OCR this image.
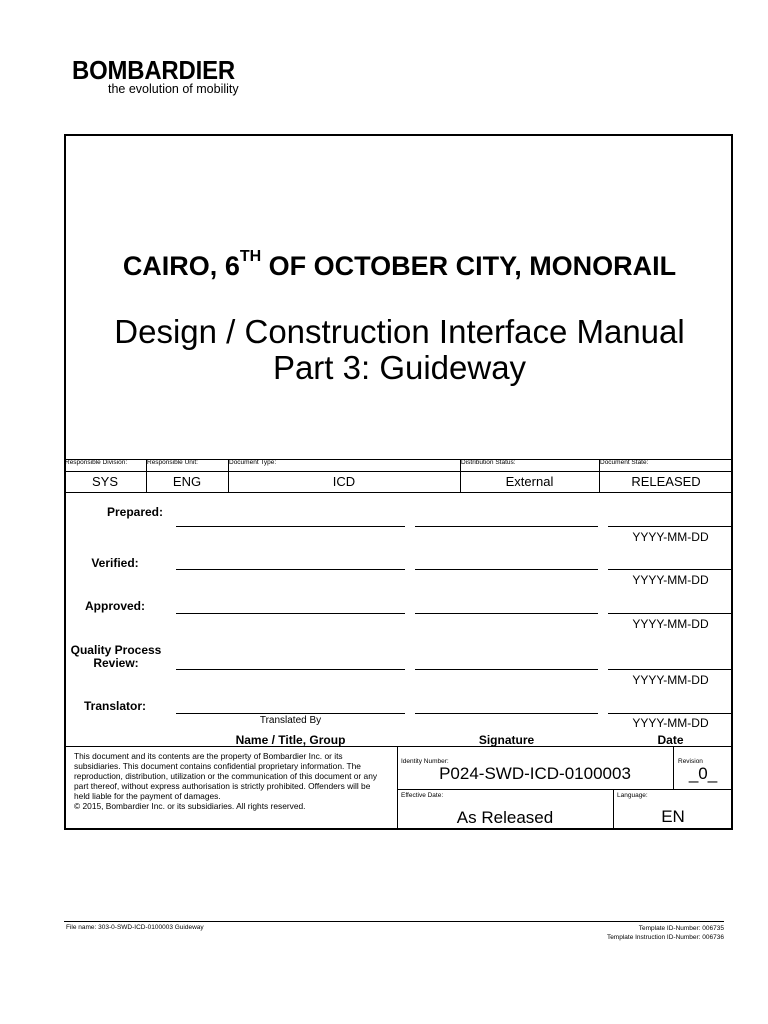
BOMBARDIER
the evolution of mobility
CAIRO, 6TH OF OCTOBER CITY, MONORAIL
Design / Construction Interface Manual
Part 3: Guideway
Responsible Division:	Responsible Unit:	Document Type:	Distribution Status:	Document State:
SYS	ENG	ICD	External	RELEASED
Prepared:
YYYY-MM-DD
Verified:
YYYY-MM-DD
Approved:
YYYY-MM-DD
Quality Process
Review:
YYYY-MM-DD
Translator:
Translated By	YYYY-MM-DD
Name / Title, Group	Signature	Date
This document and its contents are the property of Bombardier Inc. or its subsidiaries. This document contains confidential proprietary information. The reproduction, distribution, utilization or the communication of this document or any part thereof, without express authorisation is strictly prohibited. Offenders will be held liable for the payment of damages.
© 2015, Bombardier Inc. or its subsidiaries. All rights reserved.
Identity Number:
P024-SWD-ICD-0100003
Revision
_0_
Effective Date:
As Released
Language:
EN
File name: 303-0-SWD-ICD-0100003 Guideway	Template ID-Number: 006735
Template Instruction ID-Number: 006736
